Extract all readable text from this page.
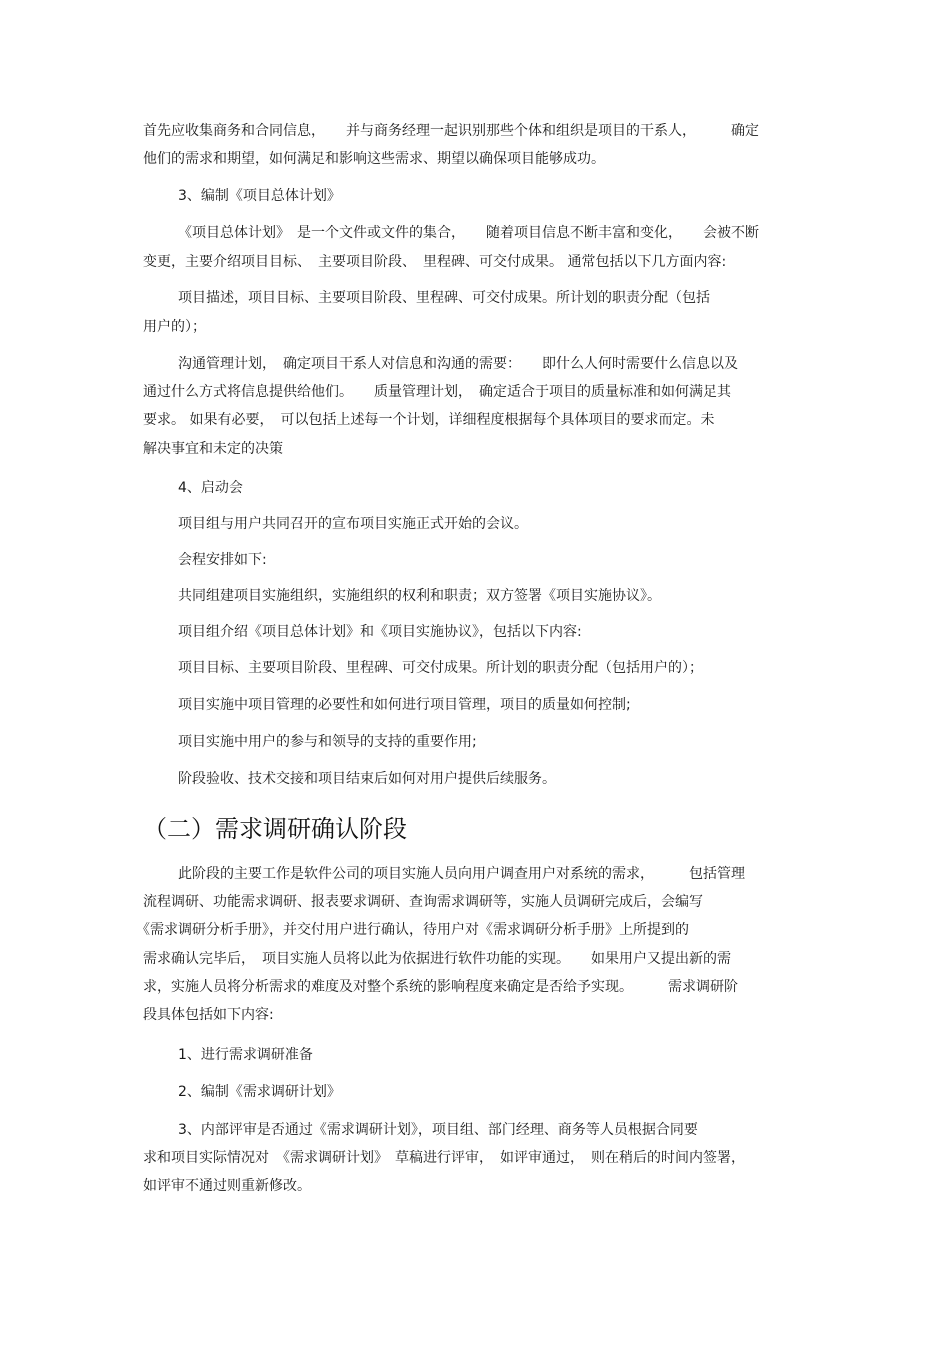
首先应收集商务和合同信息，　　并与商务经理一起识别那些个体和组织是项目的干系人，　　　确定
他们的需求和期望，如何满足和影响这些需求、期望以确保项目能够成功。
3、编制《项目总体计划》
《项目总体计划》　是一个文件或文件的集合，　　随着项目信息不断丰富和变化，　　会被不断
变更，主要介绍项目目标、　主要项目阶段、　里程碑、可交付成果。 通常包括以下几方面内容:
项目描述，项目目标、主要项目阶段、里程碑、可交付成果。所计划的职责分配（包括
用户的）；
沟通管理计划，　确定项目干系人对信息和沟通的需要：　　即什么人何时需要什么信息以及
通过什么方式将信息提供给他们。　　质量管理计划，　确定适合于项目的质量标准和如何满足其
要求。 如果有必要，　可以包括上述每一个计划，详细程度根据每个具体项目的要求而定。未
解决事宜和未定的决策
4、启动会
项目组与用户共同召开的宣布项目实施正式开始的会议。
会程安排如下:
共同组建项目实施组织，实施组织的权利和职责；双方签署《项目实施协议》。
项目组介绍《项目总体计划》和《项目实施协议》，包括以下内容:
项目目标、主要项目阶段、里程碑、可交付成果。所计划的职责分配（包括用户的）；
项目实施中项目管理的必要性和如何进行项目管理，项目的质量如何控制;
项目实施中用户的参与和领导的支持的重要作用;
阶段验收、技术交接和项目结束后如何对用户提供后续服务。
（二）需求调研确认阶段
此阶段的主要工作是软件公司的项目实施人员向用户调查用户对系统的需求，　　　包括管理
流程调研、功能需求调研、报表要求调研、查询需求调研等，实施人员调研完成后，会编写
《需求调研分析手册》，并交付用户进行确认，待用户对《需求调研分析手册》上所提到的
需求确认完毕后，　项目实施人员将以此为依据进行软件功能的实现。　　如果用户又提出新的需
求，实施人员将分析需求的难度及对整个系统的影响程度来确定是否给予实现。　　　需求调研阶
段具体包括如下内容:
1、进行需求调研准备
2、编制《需求调研计划》
3、内部评审是否通过《需求调研计划》，项目组、部门经理、商务等人员根据合同要
求和项目实际情况对　《需求调研计划》　草稿进行评审，　如评审通过，　则在稍后的时间内签署，
如评审不通过则重新修改。
